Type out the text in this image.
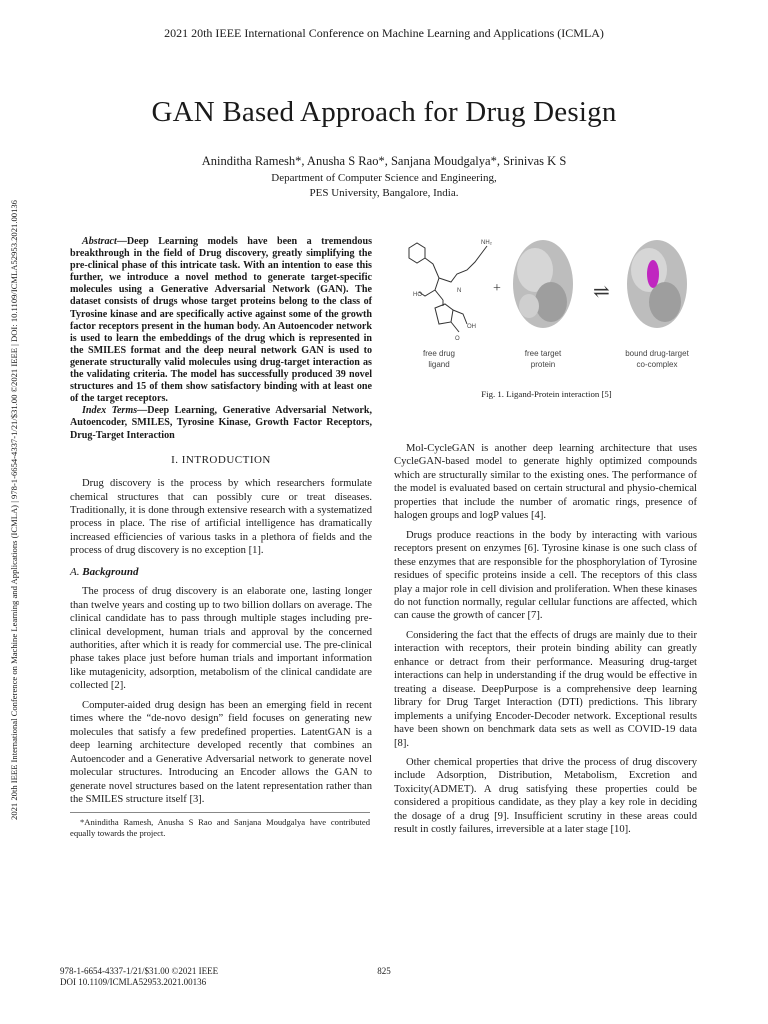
2021 20th IEEE International Conference on Machine Learning and Applications (ICMLA)
2021 20th IEEE International Conference on Machine Learning and Applications (ICMLA) | 978-1-6654-4337-1/21/$31.00 ©2021 IEEE | DOI: 10.1109/ICMLA52953.2021.00136
GAN Based Approach for Drug Design
Aninditha Ramesh*, Anusha S Rao*, Sanjana Moudgalya*, Srinivas K S
Department of Computer Science and Engineering,
PES University, Bangalore, India.

Abstract—Deep Learning models have been a tremendous breakthrough in the field of Drug discovery, greatly simplifying the pre-clinical phase of this intricate task. With an intention to ease this further, we introduce a novel method to generate target-specific molecules using a Generative Adversarial Network (GAN). The dataset consists of drugs whose target proteins belong to the class of Tyrosine kinase and are specifically active against some of the growth factor receptors present in the human body. An Autoencoder network is used to learn the embeddings of the drug which is represented in the SMILES format and the deep neural network GAN is used to generate structurally valid molecules using drug-target interaction as the validating criteria. The model has successfully produced 39 novel structures and 15 of them show satisfactory binding with at least one of the target receptors.

Index Terms—Deep Learning, Generative Adversarial Network, Autoencoder, SMILES, Tyrosine Kinase, Growth Factor Receptors, Drug-Target Interaction

I. INTRODUCTION

Drug discovery is the process by which researchers formulate chemical structures that can possibly cure or treat diseases. Traditionally, it is done through extensive research with a systematized process in place. The rise of artificial intelligence has dramatically increased efficiencies of various tasks in a plethora of fields and the process of drug discovery is no exception [1].

A. Background

The process of drug discovery is an elaborate one, lasting longer than twelve years and costing up to two billion dollars on average. The clinical candidate has to pass through multiple stages including pre-clinical development, human trials and approval by the concerned authorities, after which it is ready for commercial use. The pre-clinical phase takes place just before human trials and important information like mutagenicity, adsorption, metabolism of the clinical candidate are collected [2].

Computer-aided drug design has been an emerging field in recent times where the “de-novo design” field focuses on generating new molecules that satisfy a few predefined properties. LatentGAN is a deep learning architecture developed recently that combines an Autoencoder and a Generative Adversarial network to generate novel molecular structures. Introducing an Encoder allows the GAN to generate novel structures based on the latent representation rather than the SMILES structure itself [3].

*Aninditha Ramesh, Anusha S Rao and Sanjana Moudgalya have contributed equally towards the project.
HO
N
NH₂
OH
O
+	⇌
free drug
ligand
free target
protein
bound drug-target
co-complex
Fig. 1. Ligand-Protein interaction [5]

Mol-CycleGAN is another deep learning architecture that uses CycleGAN-based model to generate highly optimized compounds which are structurally similar to the existing ones. The performance of the model is evaluated based on certain structural and physio-chemical properties that include the number of aromatic rings, presence of halogen groups and logP values [4].

Drugs produce reactions in the body by interacting with various receptors present on enzymes [6]. Tyrosine kinase is one such class of these enzymes that are responsible for the phosphorylation of Tyrosine residues of specific proteins inside a cell. The receptors of this class play a major role in cell division and proliferation. When these kinases do not function normally, regular cellular functions are affected, which can cause the growth of cancer [7].

Considering the fact that the effects of drugs are mainly due to their interaction with receptors, their protein binding ability can greatly enhance or detract from their performance. Measuring drug-target interactions can help in understanding if the drug would be effective in treating a disease. DeepPurpose is a comprehensive deep learning library for Drug Target Interaction (DTI) predictions. This library implements a unifying Encoder-Decoder network. Exceptional results have been shown on benchmark data sets as well as COVID-19 data [8].

Other chemical properties that drive the process of drug discovery include Adsorption, Distribution, Metabolism, Excretion and Toxicity(ADMET). A drug satisfying these properties could be considered a propitious candidate, as they play a key role in deciding the dosage of a drug [9]. Insufficient scrutiny in these areas could result in costly failures, irreversible at a later stage [10].

978-1-6654-4337-1/21/$31.00 ©2021 IEEE
DOI 10.1109/ICMLA52953.2021.00136
825
